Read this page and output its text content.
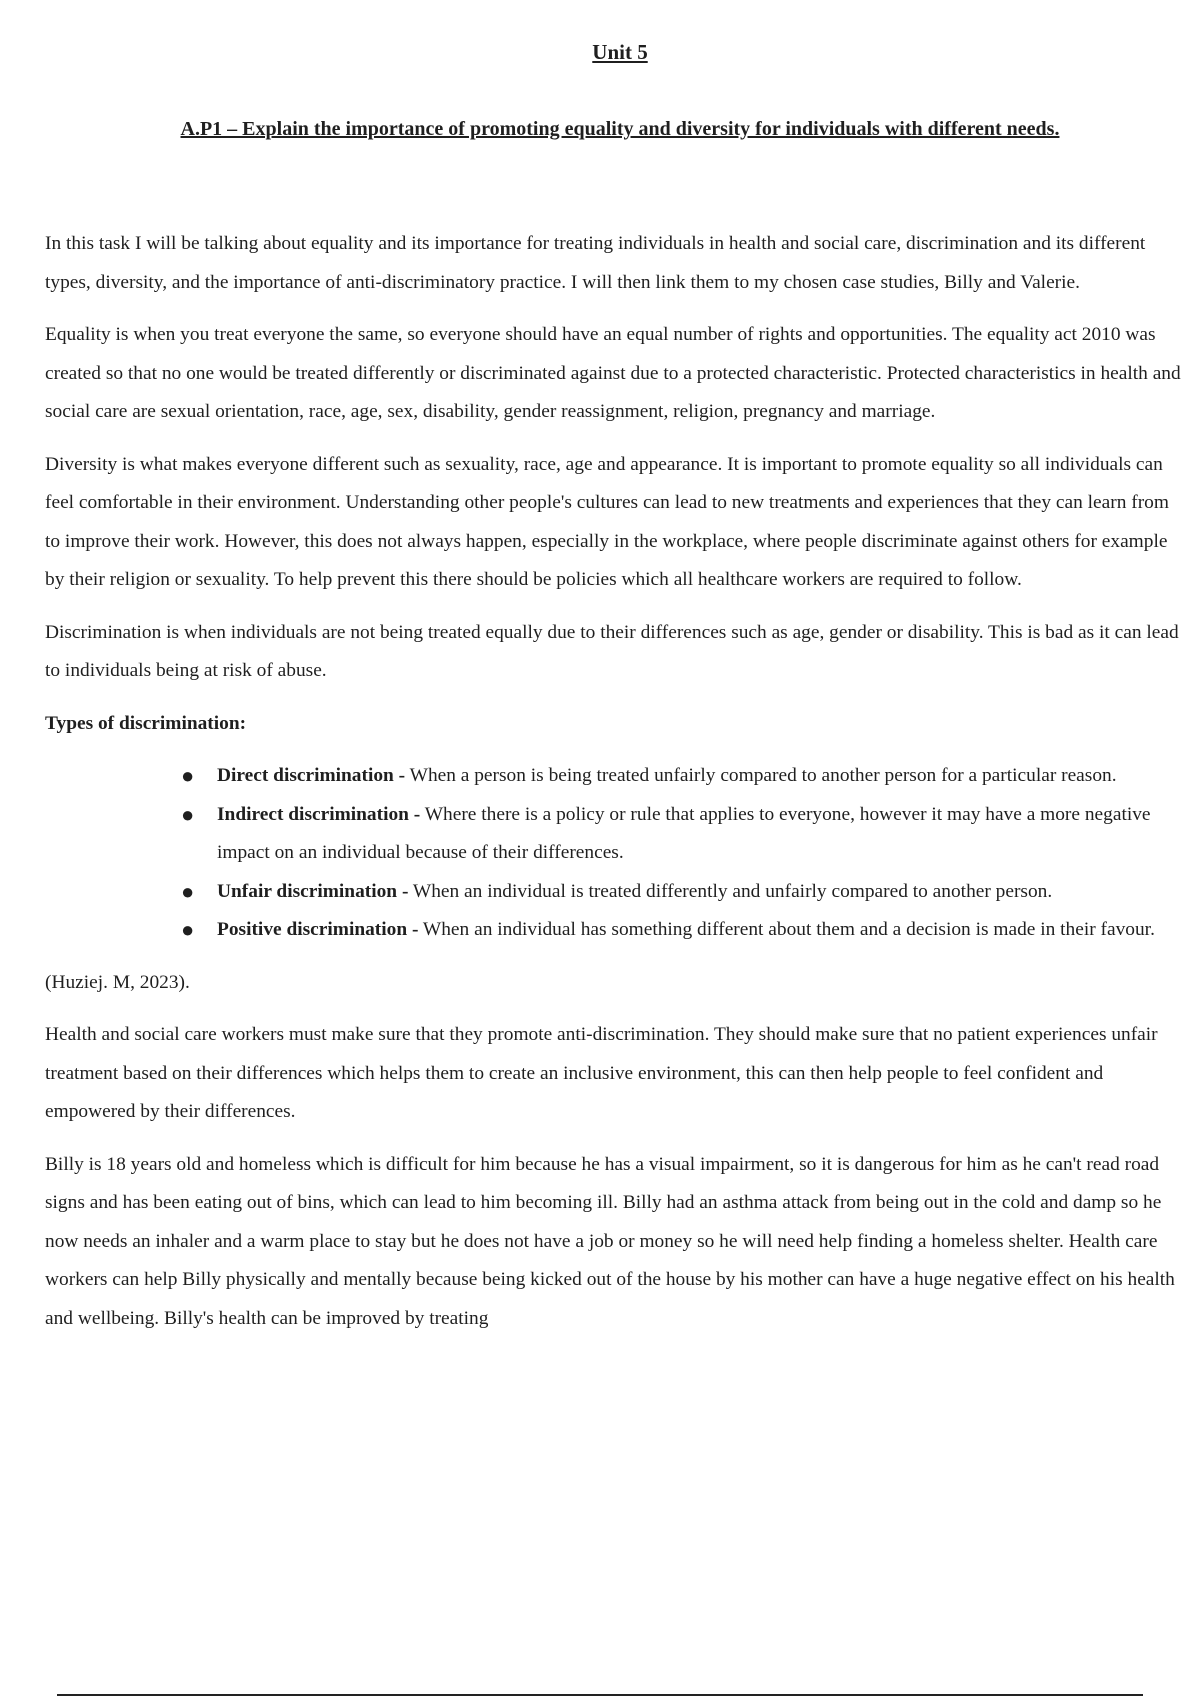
Unit 5
A.P1 – Explain the importance of promoting equality and diversity for individuals with different needs.

In this task I will be talking about equality and its importance for treating individuals in health and social care, discrimination and its different types, diversity, and the importance of anti-discriminatory practice. I will then link them to my chosen case studies, Billy and Valerie.

Equality is when you treat everyone the same, so everyone should have an equal number of rights and opportunities. The equality act 2010 was created so that no one would be treated differently or discriminated against due to a protected characteristic. Protected characteristics in health and social care are sexual orientation, race, age, sex, disability, gender reassignment, religion, pregnancy and marriage.

Diversity is what makes everyone different such as sexuality, race, age and appearance. It is important to promote equality so all individuals can feel comfortable in their environment. Understanding other people's cultures can lead to new treatments and experiences that they can learn from to improve their work. However, this does not always happen, especially in the workplace, where people discriminate against others for example by their religion or sexuality. To help prevent this there should be policies which all healthcare workers are required to follow.

Discrimination is when individuals are not being treated equally due to their differences such as age, gender or disability. This is bad as it can lead to individuals being at risk of abuse.

Types of discrimination:

● Direct discrimination - When a person is being treated unfairly compared to another person for a particular reason.
● Indirect discrimination - Where there is a policy or rule that applies to everyone, however it may have a more negative impact on an individual because of their differences.
● Unfair discrimination - When an individual is treated differently and unfairly compared to another person.
● Positive discrimination - When an individual has something different about them and a decision is made in their favour.

(Huziej. M, 2023).

Health and social care workers must make sure that they promote anti-discrimination. They should make sure that no patient experiences unfair treatment based on their differences which helps them to create an inclusive environment, this can then help people to feel confident and empowered by their differences.

Billy is 18 years old and homeless which is difficult for him because he has a visual impairment, so it is dangerous for him as he can't read road signs and has been eating out of bins, which can lead to him becoming ill. Billy had an asthma attack from being out in the cold and damp so he now needs an inhaler and a warm place to stay but he does not have a job or money so he will need help finding a homeless shelter. Health care workers can help Billy physically and mentally because being kicked out of the house by his mother can have a huge negative effect on his health and wellbeing. Billy's health can be improved by treating
